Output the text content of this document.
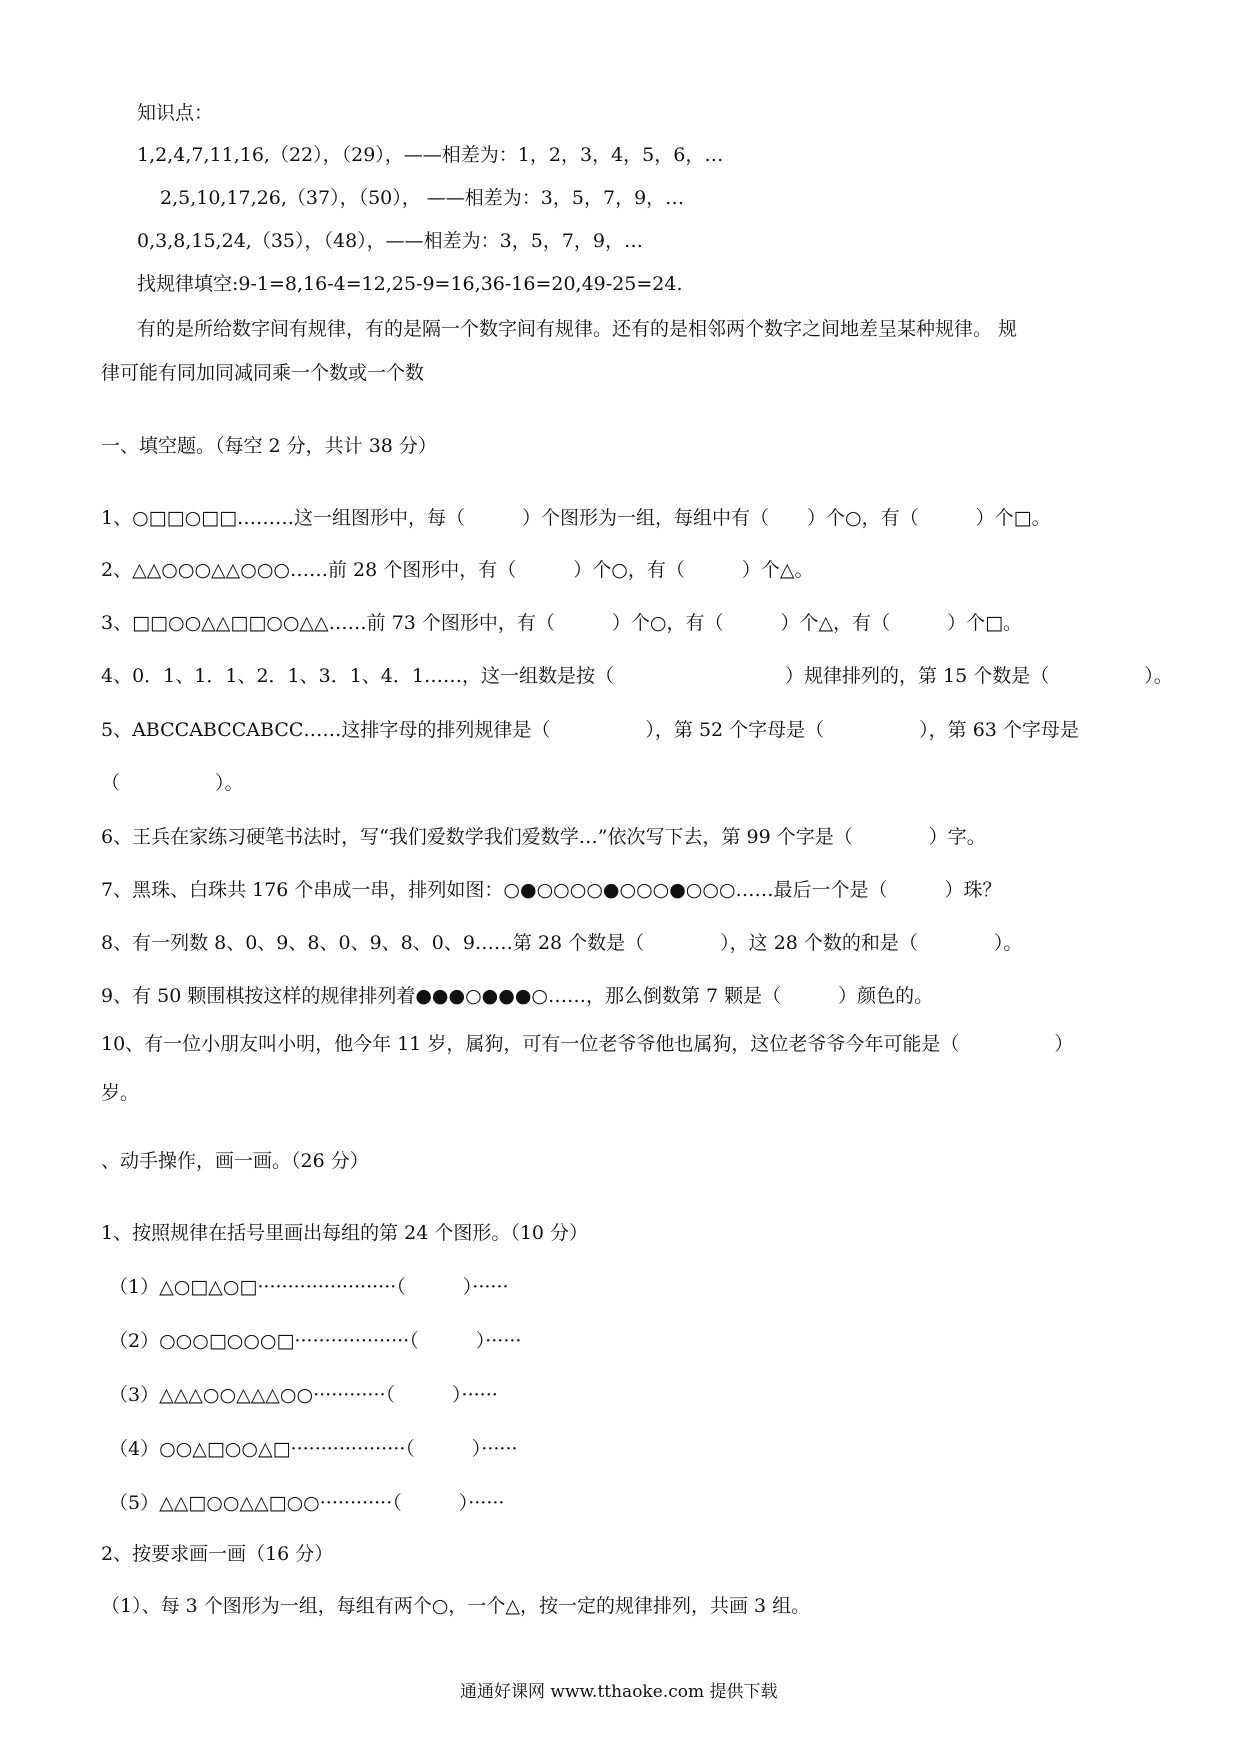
知识点：
1,2,4,7,11,16,（22），（29），——相差为：1，2，3，4，5，6，…
2,5,10,17,26,（37），（50）， ——相差为：3，5，7，9，…
0,3,8,15,24,（35），（48），——相差为：3，5，7，9，…
找规律填空:9-1=8,16-4=12,25-9=16,36-16=20,49-25=24.
有的是所给数字间有规律，有的是隔一个数字间有规律。还有的是相邻两个数字之间地差呈某种规律。 规
律可能有同加同减同乘一个数或一个数
一、填空题。（每空 2 分，共计 38 分）
1、○□□○□□………这一组图形中，每（　　　）个图形为一组，每组中有（　　）个○，有（　　　）个□。
2、△△○○○△△○○○……前 28 个图形中，有（　　　）个○，有（　　　）个△。
3、□□○○△△□□○○△△……前 73 个图形中，有（　　　）个○，有（　　　）个△，有（　　　）个□。
4、0．1、1．1、2．1、3．1、4．1……，这一组数是按（　　　　　　　　　）规律排列的，第 15 个数是（　　　　　）。
5、ABCCABCCABCC……这排字母的排列规律是（　　　　　），第 52 个字母是（　　　　　），第 63 个字母是
（　　　　　）。
6、王兵在家练习硬笔书法时，写“我们爱数学我们爱数学…”依次写下去，第 99 个字是（　　　　）字。
7、黑珠、白珠共 176 个串成一串，排列如图：○●○○○○●○○○●○○○……最后一个是（　　　）珠？
8、有一列数 8、0、9、8、0、9、8、0、9……第 28 个数是（　　　　），这 28 个数的和是（　　　　）。
9、有 50 颗围棋按这样的规律排列着●●●○●●●○……，那么倒数第 7 颗是（　　　）颜色的。
10、有一位小朋友叫小明，他今年 11 岁，属狗，可有一位老爷爷他也属狗，这位老爷爷今年可能是（　　　　　）
岁。
、动手操作，画一画。（26 分）
1、按照规律在括号里画出每组的第 24 个图形。（10 分）
（1）△○□△○□·······················（　　　）······
（2）○○○□○○○□···················（　　　）······
（3）△△△○○△△△○○············（　　　）······
（4）○○△□○○△□···················（　　　）······
（5）△△□○○△△□○○············（　　　）······
2、按要求画一画（16 分）
（1）、每 3 个图形为一组，每组有两个○，一个△，按一定的规律排列，共画 3 组。
通通好课网 www.tthaoke.com 提供下载
